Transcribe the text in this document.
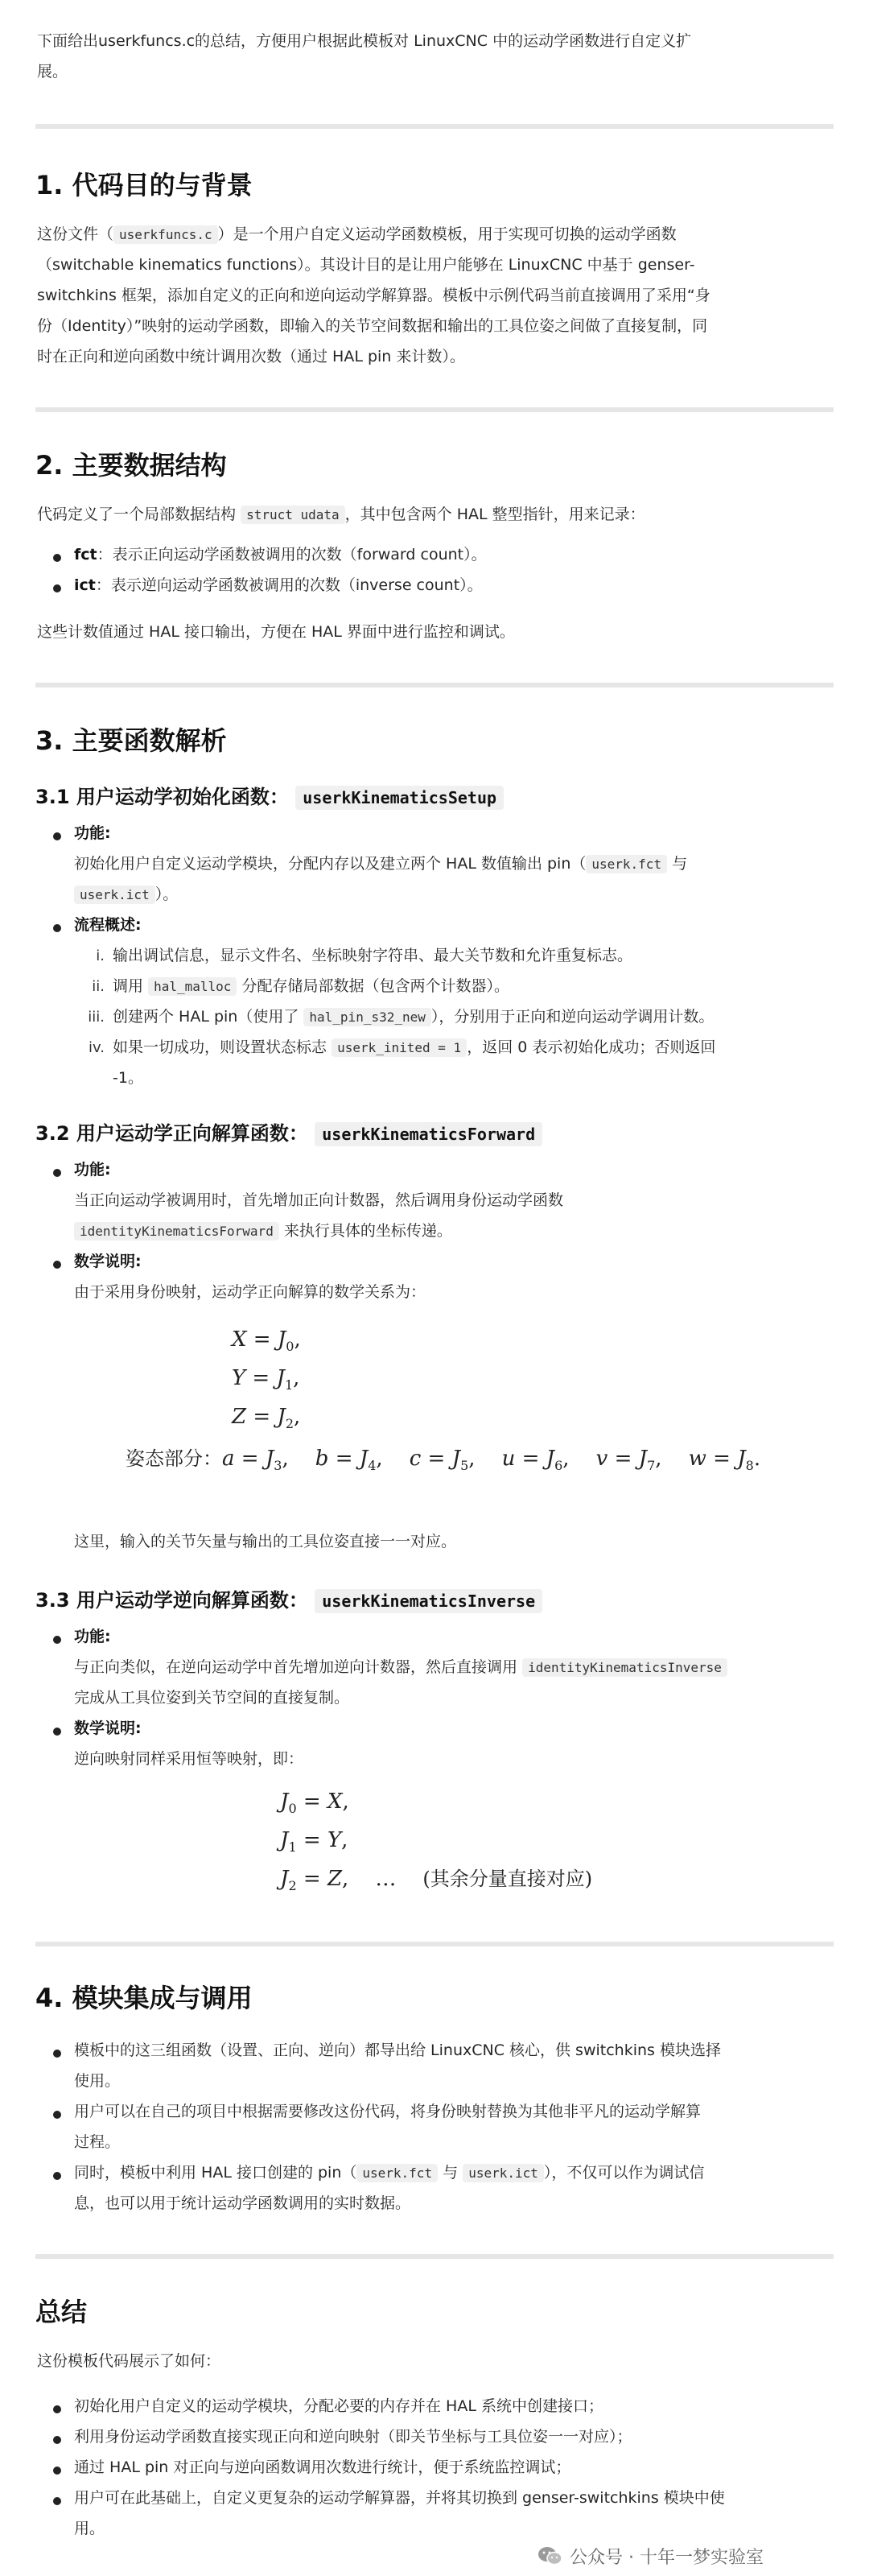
下面给出userkfuncs.c的总结，方便用户根据此模板对 LinuxCNC 中的运动学函数进行自定义扩
展。
1. 代码目的与背景
这份文件（ userkfuncs.c ）是一个用户自定义运动学函数模板，用于实现可切换的运动学函数
（switchable kinematics functions）。其设计目的是让用户能够在 LinuxCNC 中基于 genser-
switchkins 框架，添加自定义的正向和逆向运动学解算器。模板中示例代码当前直接调用了采用“身
份（Identity）”映射的运动学函数，即输入的关节空间数据和输出的工具位姿之间做了直接复制，同
时在正向和逆向函数中统计调用次数（通过 HAL pin 来计数）。
2. 主要数据结构
代码定义了一个局部数据结构 struct udata ，其中包含两个 HAL 整型指针，用来记录：
fct：表示正向运动学函数被调用的次数（forward count）。
ict：表示逆向运动学函数被调用的次数（inverse count）。
这些计数值通过 HAL 接口输出，方便在 HAL 界面中进行监控和调试。
3. 主要函数解析
3.1 用户运动学初始化函数： userkKinematicsSetup
功能:
初始化用户自定义运动学模块，分配内存以及建立两个 HAL 数值输出 pin（ userk.fct 与
userk.ict ）。
流程概述:
i. 输出调试信息，显示文件名、坐标映射字符串、最大关节数和允许重复标志。
ii. 调用 hal_malloc 分配存储局部数据（包含两个计数器）。
iii. 创建两个 HAL pin（使用了 hal_pin_s32_new ），分别用于正向和逆向运动学调用计数。
iv. 如果一切成功，则设置状态标志 userk_inited = 1 ，返回 0 表示初始化成功；否则返回
-1。
3.2 用户运动学正向解算函数： userkKinematicsForward
功能:
当正向运动学被调用时，首先增加正向计数器，然后调用身份运动学函数
identityKinematicsForward 来执行具体的坐标传递。
数学说明:
由于采用身份映射，运动学正向解算的数学关系为：
$X = J_0$,
$Y = J_1$,
$Z = J_2$,
姿态部分：$a = J_3$,    $b = J_4$,    $c = J_5$,    $u = J_6$,    $v = J_7$,    $w = J_8$.
这里，输入的关节矢量与输出的工具位姿直接一一对应。
3.3 用户运动学逆向解算函数： userkKinematicsInverse
功能:
与正向类似，在逆向运动学中首先增加逆向计数器，然后直接调用 identityKinematicsInverse
完成从工具位姿到关节空间的直接复制。
数学说明:
逆向映射同样采用恒等映射，即：
$J_0 = X$,
$J_1 = Y$,
$J_2 = Z$,    …    (其余分量直接对应)
4. 模块集成与调用
模板中的这三组函数（设置、正向、逆向）都导出给 LinuxCNC 核心，供 switchkins 模块选择
使用。
用户可以在自己的项目中根据需要修改这份代码，将身份映射替换为其他非平凡的运动学解算
过程。
同时，模板中利用 HAL 接口创建的 pin（ userk.fct 与 userk.ict ），不仅可以作为调试信
息，也可以用于统计运动学函数调用的实时数据。
总结
这份模板代码展示了如何：
初始化用户自定义的运动学模块，分配必要的内存并在 HAL 系统中创建接口；
利用身份运动学函数直接实现正向和逆向映射（即关节坐标与工具位姿一一对应）；
通过 HAL pin 对正向与逆向函数调用次数进行统计，便于系统监控调试；
用户可在此基础上，自定义更复杂的运动学解算器，并将其切换到 genser-switchkins 模块中使
用。
公众号 · 十年一梦实验室
